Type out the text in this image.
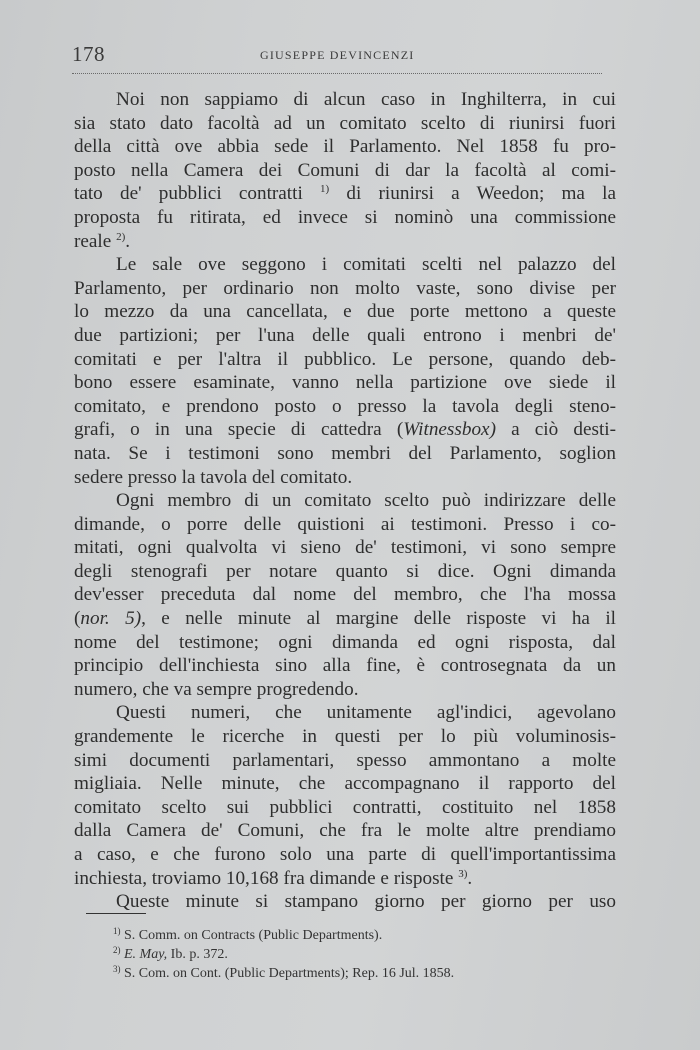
178	GIUSEPPE DEVINCENZI

Noi non sappiamo di alcun caso in Inghilterra, in cui
sia stato dato facoltà ad un comitato scelto di riunirsi fuori
della città ove abbia sede il Parlamento. Nel 1858 fu pro-
posto nella Camera dei Comuni di dar la facoltà al comi-
tato de' pubblici contratti $^{1)}$ di riunirsi a Weedon; ma la
proposta fu ritirata, ed invece si nominò una commissione
reale $^{2)}$.

Le sale ove seggono i comitati scelti nel palazzo del
Parlamento, per ordinario non molto vaste, sono divise per
lo mezzo da una cancellata, e due porte mettono a queste
due partizioni; per l'una delle quali entrono i menbri de'
comitati e per l'altra il pubblico. Le persone, quando deb-
bono essere esaminate, vanno nella partizione ove siede il
comitato, e prendono posto o presso la tavola degli steno-
grafi, o in una specie di cattedra (Witnessbox) a ciò desti-
nata. Se i testimoni sono membri del Parlamento, soglion
sedere presso la tavola del comitato.

Ogni membro di un comitato scelto può indirizzare delle
dimande, o porre delle quistioni ai testimoni. Presso i co-
mitati, ogni qualvolta vi sieno de' testimoni, vi sono sempre
degli stenografi per notare quanto si dice. Ogni dimanda
dev'esser preceduta dal nome del membro, che l'ha mossa
(nor. 5), e nelle minute al margine delle risposte vi ha il
nome del testimone; ogni dimanda ed ogni risposta, dal
principio dell'inchiesta sino alla fine, è controsegnata da un
numero, che va sempre progredendo.

Questi numeri, che unitamente agl'indici, agevolano
grandemente le ricerche in questi per lo più voluminosis-
simi documenti parlamentari, spesso ammontano a molte
migliaia. Nelle minute, che accompagnano il rapporto del
comitato scelto sui pubblici contratti, costituito nel 1858
dalla Camera de' Comuni, che fra le molte altre prendiamo
a caso, e che furono solo una parte di quell'importantissima
inchiesta, troviamo 10,168 fra dimande e risposte $^{3)}$.

Queste minute si stampano giorno per giorno per uso

$^{1)}$ S. Comm. on Contracts (Public Departments).
$^{2)}$ E. May, Ib. p. 372.
$^{3)}$ S. Com. on Cont. (Public Departments); Rep. 16 Jul. 1858.
